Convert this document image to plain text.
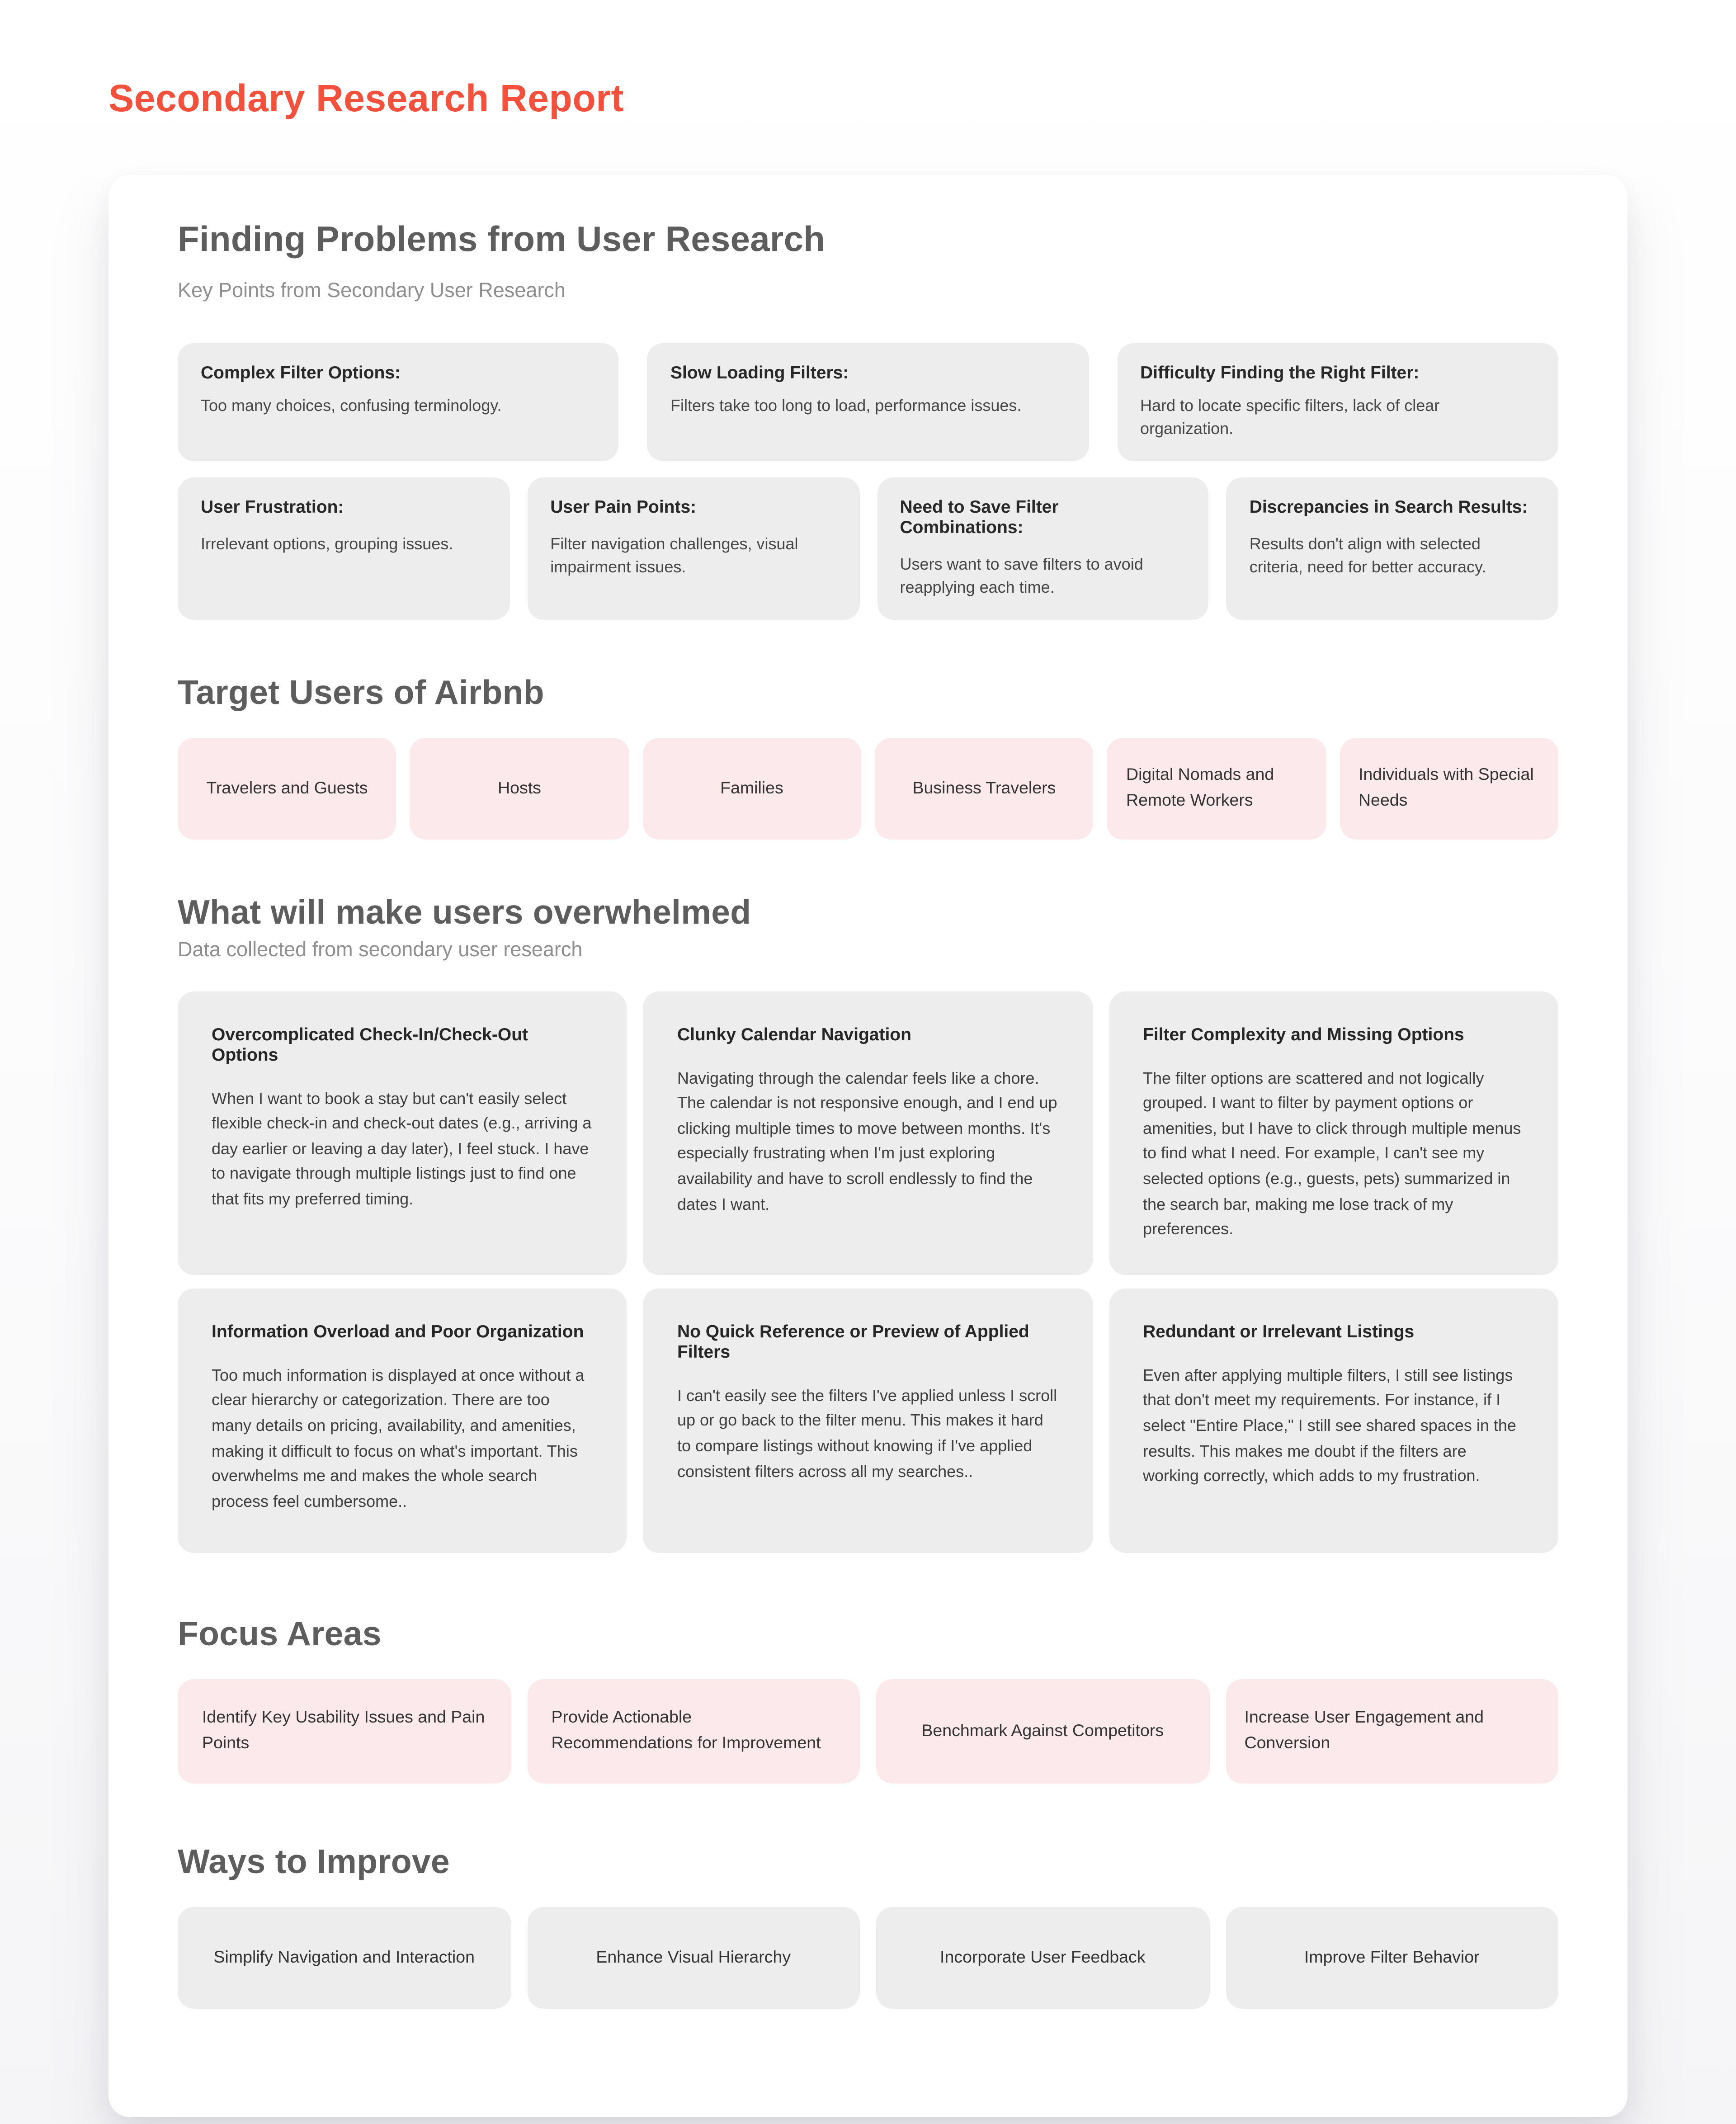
Secondary Research Report
Finding Problems from User Research
Key Points from Secondary User Research
Complex Filter Options:
Too many choices, confusing terminology.
Slow Loading Filters:
Filters take too long to load, performance issues.
Difficulty Finding the Right Filter:
Hard to locate specific filters, lack of clear organization.
User Frustration:
Irrelevant options, grouping issues.
User Pain Points:
Filter navigation challenges, visual impairment issues.
Need to Save Filter Combinations:
Users want to save filters to avoid reapplying each time.
Discrepancies in Search Results:
Results don't align with selected criteria, need for better accuracy.
Target Users of Airbnb
Travelers and Guests	Hosts	Families	Business Travelers
Digital Nomads and Remote Workers
Individuals with Special Needs
What will make users overwhelmed
Data collected from secondary user research
Overcomplicated Check-In/Check-Out Options
When I want to book a stay but can't easily select flexible check-in and check-out dates (e.g., arriving a day earlier or leaving a day later), I feel stuck. I have to navigate through multiple listings just to find one that fits my preferred timing.
Clunky Calendar Navigation
Navigating through the calendar feels like a chore. The calendar is not responsive enough, and I end up clicking multiple times to move between months. It's especially frustrating when I'm just exploring availability and have to scroll endlessly to find the dates I want.
Filter Complexity and Missing Options
The filter options are scattered and not logically grouped. I want to filter by payment options or amenities, but I have to click through multiple menus to find what I need. For example, I can't see my selected options (e.g., guests, pets) summarized in the search bar, making me lose track of my preferences.
Information Overload and Poor Organization
Too much information is displayed at once without a clear hierarchy or categorization. There are too many details on pricing, availability, and amenities, making it difficult to focus on what's important. This overwhelms me and makes the whole search process feel cumbersome..
No Quick Reference or Preview of Applied Filters
I can't easily see the filters I've applied unless I scroll up or go back to the filter menu. This makes it hard to compare listings without knowing if I've applied consistent filters across all my searches..
Redundant or Irrelevant Listings
Even after applying multiple filters, I still see listings that don't meet my requirements. For instance, if I select "Entire Place," I still see shared spaces in the results. This makes me doubt if the filters are working correctly, which adds to my frustration.
Focus Areas
Identify Key Usability Issues and Pain Points
Provide Actionable Recommendations for Improvement
Benchmark Against Competitors
Increase User Engagement and Conversion
Ways to Improve
Simplify Navigation and Interaction	Enhance Visual Hierarchy	Incorporate User Feedback	Improve Filter Behavior
